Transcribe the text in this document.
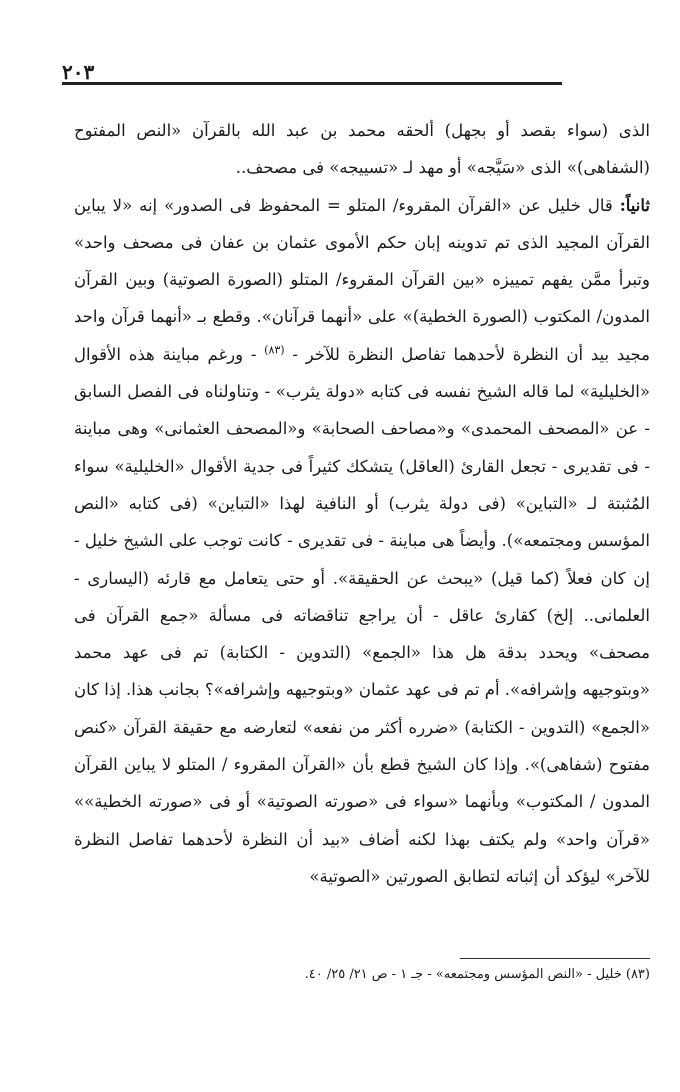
٢٠٣

الذى (سواء بقصد أو بجهل) ألحقه محمد بن عبد الله بالقرآن «النص المفتوح (الشفاهى)» الذى «سَيَّجه» أو مهد لـ «تسييجه» فى مصحف..

ثانياً: قال خليل عن «القرآن المقروء/ المتلو = المحفوظ فى الصدور» إنه «لا يباين القرآن المجيد الذى تم تدوينه إبان حكم الأموى عثمان بن عفان فى مصحف واحد» وتبرأ ممَّن يفهم تمييزه «بين القرآن المقروء/ المتلو (الصورة الصوتية) وبين القرآن المدون/ المكتوب (الصورة الخطية)» على «أنهما قرآنان». وقطع بـ «أنهما قرآن واحد مجيد بيد أن النظرة لأحدهما تفاصل النظرة للآخر - $^{(٨٣)}$ - ورغم مباينة هذه الأقوال «الخليلية» لما قاله الشيخ نفسه فى كتابه «دولة يثرب» - وتناولناه فى الفصل السابق - عن «المصحف المحمدى» و«مصاحف الصحابة» و«المصحف العثمانى» وهى مباينة - فى تقديرى - تجعل القارئ (العاقل) يتشكك كثيراً فى جدية الأقوال «الخليلية» سواء المُثبتة لـ «التباين» (فى دولة يثرب) أو النافية لهذا «التباين» (فى كتابه «النص المؤسس ومجتمعه»). وأيضاً هى مباينة - فى تقديرى - كانت توجب على الشيخ خليل - إن كان فعلاً (كما قيل) «يبحث عن الحقيقة». أو حتى يتعامل مع قارئه (اليسارى - العلمانى.. إلخ) كقارئ عاقل - أن يراجع تناقضاته فى مسألة «جمع القرآن فى مصحف» ويحدد بدقة هل هذا «الجمع» (التدوين - الكتابة) تم فى عهد محمد «وبتوجيهه وإشرافه». أم تم فى عهد عثمان «وبتوجيهه وإشرافه»؟ بجانب هذا. إذا كان «الجمع» (التدوين - الكتابة) «ضرره أكثر من نفعه» لتعارضه مع حقيقة القرآن «كنص مفتوح (شفاهى)». وإذا كان الشيخ قطع بأن «القرآن المقروء / المتلو لا يباين القرآن المدون / المكتوب» وبأنهما «سواء فى «صورته الصوتية» أو فى «صورته الخطية»» «قرآن واحد» ولم يكتف بهذا لكنه أضاف «بيد أن النظرة لأحدهما تفاصل النظرة للآخر» ليؤكد أن إثباته لتطابق الصورتين «الصوتية»

(٨٣) خليل - «النص المؤسس ومجتمعه» - جـ ١ - ص ٢١/ ٢٥/ ٤٠.
